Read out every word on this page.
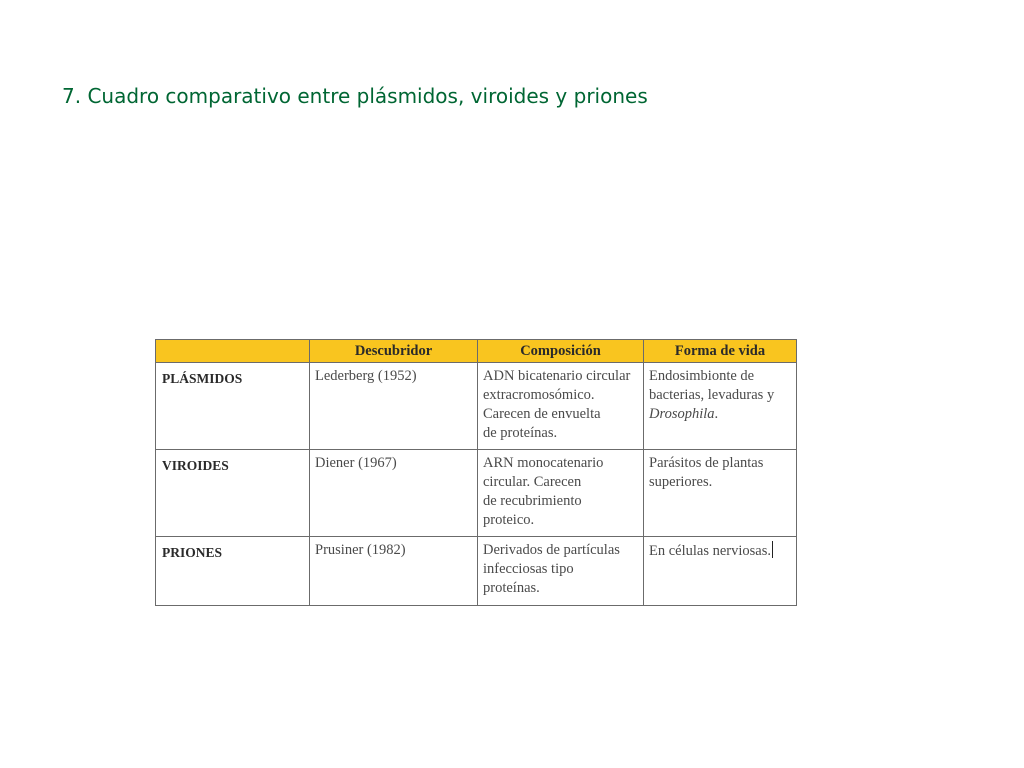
7. Cuadro comparativo entre plásmidos, viroides y priones
	Descubridor	Composición	Forma de vida
PLÁSMIDOS	Lederberg (1952)	ADN bicatenario circular
extracromosómico.
Carecen de envuelta
de proteínas.	Endosimbionte de
bacterias, levaduras y
Drosophila.

VIROIDES	Diener (1967)	ARN monocatenario
circular. Carecen
de recubrimiento
proteico.	Parásitos de plantas
superiores.

PRIONES	Prusiner (1982)	Derivados de partículas
infecciosas tipo
proteínas.	En células nerviosas.
